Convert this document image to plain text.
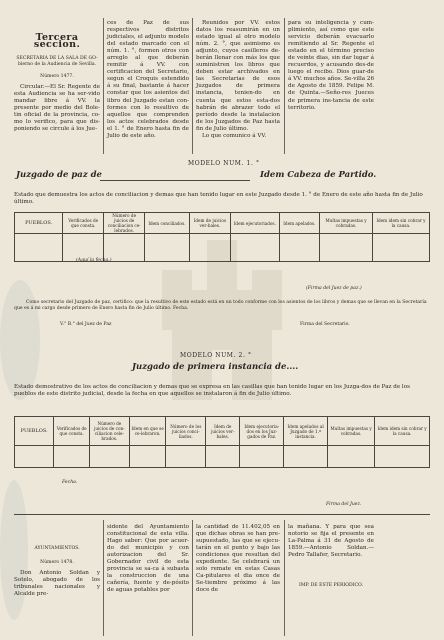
Tercera seccion.
SECRETARIA DE LA SALA DE GO-bierno de la Audiencia de Sevilla.
Número 1477.

Circular.—El Sr. Regente de esta Audiencia se ha ser-vido mandar libre á VV. la presente por medio del Bole-tin oficial de la provincia, co-mo lo verifico, para que dis-poniendo se circule á los Jue-

ces de Paz de sus respectivos distritos judiciales, el adjunto modelo del estado marcado con el núm. 1. °, formen otros con arreglo al que deberán remitir á VV. con certificacion del Secretario, segun el Croquis estendido á su final, bastante á hacer constar que los asientos del libro del Juzgado estan con-formes con lo resultivo de aquellos que comprenden los actos celebrados desde el 1. ° de Enero hasta fin de Julio de este año.

Reunidos por VV. estos datos los reasumirán en un estado igual al otro modelo núm. 2. °, que asimismo es adjunto, cuyos casilleros de-berán llenar con más los que suministren los libros que deben estar archivados en las Secretarias de esos Juzgados de primera instancia, tenien-do en cuenta que estos esta-dos habrán de abrazer todo el período desde la instalacion de los Juzgados de Paz hasta fin de Julio último.

Lo que comunico á VV.

para su inteligencia y cum-plimiento, así como que este servicio deberán evacuarlo remitiendo al Sr. Regente el estado en el término preciso de veinte dias, sin dar lugar á recuerdos, y acusando des-de luego el recibo. Dios guar-de á VV. muchos años. Se-villa 26 de Agosto de 1859. Felipe M. de Quinta.—Seño-res Jueces de primera ins-tancia de este territorio.

MODELO NUM. 1. °
Juzgado de paz de	Idem Cabeza de Partido.
Estado que demuestra los actos de conciliacion y demas que han tenido lugar en este Juzgado desde 1. ° de Enero de este año hasta fin de Julio último.
PUEBLOS.	Verificados de que consta.	Número de juicios de conciliacion ce-lebrados.	Idem conciliados.	Idem de juicios ver-bales.	Idem ejecutoriados.	Idem apelados.	Multas impuestas y cobradas.	Idem idem sin cobrar y la causa.

(Aquí la fecha.)
(Firma del Juez de paz.)
Como secretario del Juzgado de paz, certifico: que la resultivo de este estado está en un todo conforme con los asientos de los libros y demas que se llevan en la Secretaría que es á mi cargo desde primero de Enero hasta fin de Julio último. Fecha.
V.° B.° del Juez de Paz	Firma del Secretario.
MODELO NUM. 2. °
Juzgado de primera instancia de....
Estado demostrativo de los actos de conciliacion y demas que se expresa en las casillas que han tenido lugar en los Juzga-dos de Paz de los pueblos de este distrito judicial, desde la fecha en que aquellos se instalaron á fin de Julio último.
PUEBLOS.	Verificados de que consta.	Número de juicios de con-ciliacion cele-brados.	Idem en que se ce-lebraron.	Número de los juicios conci-liados.	Idem de juicios ver-bales.	Idem ejecutoria-dos en los Juz-gados de Paz.	Idem apelados al Juzgado de 1.ª instancia.	Multas impuestas y cobradas.	Idem idem sin cobrar y la causa.

Fecha.
Firma del Juez.
AYUNTAMIENTOS.
Número 1478.

Don Antonio Soldan y Sotelo, abogado de los tribunales nacionales y Alcalde pre-

sidente del Ayuntamiento constitucional de esta villa. Hago saber: Que por acuer-do del municipio y con autorizacion del Sr. Gobernador civil de esta provincia se sa-ca á subasta la construccion de una cañería, fuente y de-pósito de aguas potables por

la cantidad de 11.402,05 en que dichas obras se han pre-supuestado, las que se ejecu-tarán en el punto y bajo las condiciones que resultan del expediente. Se celebrará un solo remate en estas Casas Ca-pitulares el dia once de Se-tiembre próximo á las doce de

la mañana. Y para que sea notorio se fija el presente en La-Palma á 31 de Agosto de 1859.—Antonio Soldan.—Pedro Tallafer, Secretario.

IMP. DE ESTE PERIODICO.
